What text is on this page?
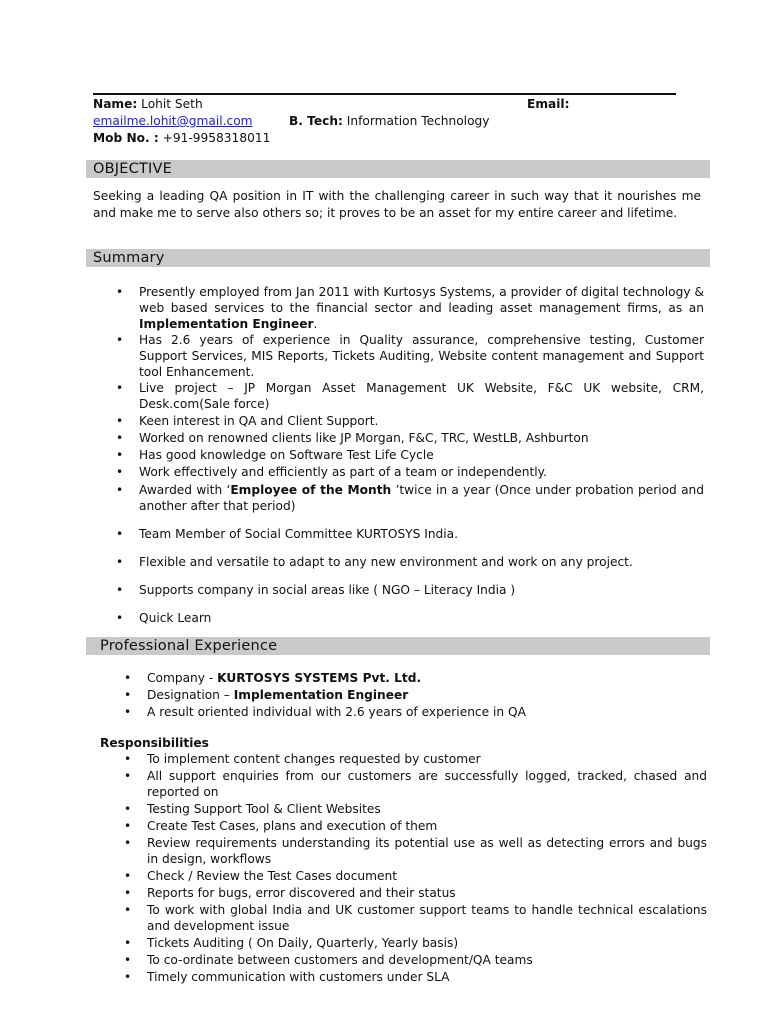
Name: Lohit Seth	Email:
emailme.lohit@gmail.com	B. Tech: Information Technology
Mob No. : +91-9958318011
OBJECTIVE
Seeking a leading QA position in IT with the challenging career in such way that it nourishes me and make me to serve also others so; it proves to be an asset for my entire career and lifetime.
Summary
• Presently employed from Jan 2011 with Kurtosys Systems, a provider of digital technology & web based services to the financial sector and leading asset management firms, as an Implementation Engineer.
• Has 2.6 years of experience in Quality assurance, comprehensive testing, Customer Support Services, MIS Reports, Tickets Auditing, Website content management and Support tool Enhancement.
• Live project – JP Morgan Asset Management UK Website, F&C UK website, CRM, Desk.com(Sale force)
• Keen interest in QA and Client Support.
• Worked on renowned clients like JP Morgan, F&C, TRC, WestLB, Ashburton
• Has good knowledge on Software Test Life Cycle
• Work effectively and efficiently as part of a team or independently.
• Awarded with ‘Employee of the Month ’twice in a year (Once under probation period and another after that period)
• Team Member of Social Committee KURTOSYS India.
• Flexible and versatile to adapt to any new environment and work on any project.
• Supports company in social areas like ( NGO – Literacy India )
• Quick Learn
Professional Experience
• Company - KURTOSYS SYSTEMS Pvt. Ltd.
• Designation – Implementation Engineer
• A result oriented individual with 2.6 years of experience in QA
Responsibilities
• To implement content changes requested by customer
• All support enquiries from our customers are successfully logged, tracked, chased and reported on
• Testing Support Tool & Client Websites
• Create Test Cases, plans and execution of them
• Review requirements understanding its potential use as well as detecting errors and bugs in design, workflows
• Check / Review the Test Cases document
• Reports for bugs, error discovered and their status
• To work with global India and UK customer support teams to handle technical escalations and development issue
• Tickets Auditing ( On Daily, Quarterly, Yearly basis)
• To co-ordinate between customers and development/QA teams
• Timely communication with customers under SLA
